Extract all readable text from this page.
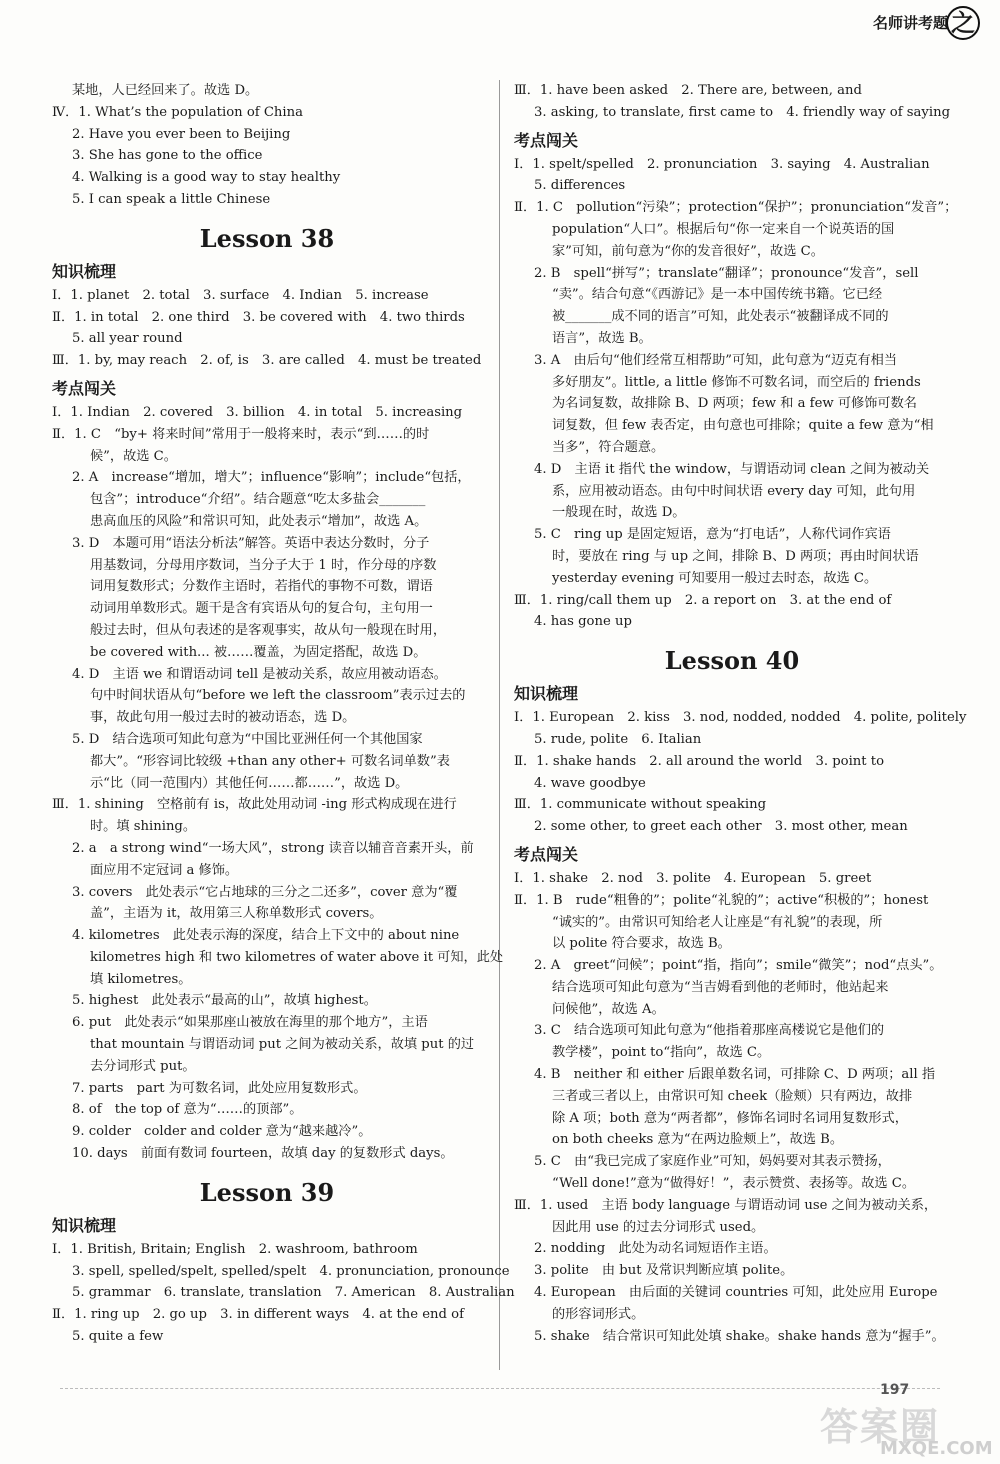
名师讲考题 之
某地，人已经回来了。故选 D。
Ⅳ．1. What’s the population of China
2. Have you ever been to Beijing
3. She has gone to the office
4. Walking is a good way to stay healthy
5. I can speak a little Chinese
Lesson 38
知识梳理
Ⅰ．1. planet　2. total　3. surface　4. Indian　5. increase
Ⅱ．1. in total　2. one third　3. be covered with　4. two thirds
5. all year round
Ⅲ．1. by, may reach　2. of, is　3. are called　4. must be treated
考点闯关
Ⅰ．1. Indian　2. covered　3. billion　4. in total　5. increasing
Ⅱ．1. C　“by+ 将来时间”常用于一般将来时，表示“到……的时
候”，故选 C。
2. A　increase“增加，增大”；influence“影响”；include“包括，
包含”；introduce“介绍”。结合题意“吃太多盐会_______
患高血压的风险”和常识可知，此处表示“增加”，故选 A。
3. D　本题可用“语法分析法”解答。英语中表达分数时，分子
用基数词，分母用序数词，当分子大于 1 时，作分母的序数
词用复数形式；分数作主语时，若指代的事物不可数，谓语
动词用单数形式。题干是含有宾语从句的复合句，主句用一
般过去时，但从句表述的是客观事实，故从句一般现在时用，
be covered with... 被……覆盖，为固定搭配，故选 D。
4. D　主语 we 和谓语动词 tell 是被动关系，故应用被动语态。
句中时间状语从句“before we left the classroom”表示过去的
事，故此句用一般过去时的被动语态，选 D。
5. D　结合选项可知此句意为“中国比亚洲任何一个其他国家
都大”。“形容词比较级 +than any other+ 可数名词单数”表
示“比（同一范围内）其他任何……都……”，故选 D。
Ⅲ．1. shining　空格前有 is，故此处用动词 -ing 形式构成现在进行
时。填 shining。
2. a　a strong wind“一场大风”，strong 读音以辅音音素开头，前
面应用不定冠词 a 修饰。
3. covers　此处表示“它占地球的三分之二还多”，cover 意为“覆
盖”，主语为 it，故用第三人称单数形式 covers。
4. kilometres　此处表示海的深度，结合上下文中的 about nine
kilometres high 和 two kilometres of water above it 可知，此处
填 kilometres。
5. highest　此处表示“最高的山”，故填 highest。
6. put　此处表示“如果那座山被放在海里的那个地方”，主语
that mountain 与谓语动词 put 之间为被动关系，故填 put 的过
去分词形式 put。
7. parts　part 为可数名词，此处应用复数形式。
8. of　the top of 意为“……的顶部”。
9. colder　colder and colder 意为“越来越冷”。
10. days　前面有数词 fourteen，故填 day 的复数形式 days。
Lesson 39
知识梳理
Ⅰ．1. British, Britain; English　2. washroom, bathroom
3. spell, spelled/spelt, spelled/spelt　4. pronunciation, pronounce
5. grammar　6. translate, translation　7. American　8. Australian
Ⅱ．1. ring up　2. go up　3. in different ways　4. at the end of
5. quite a few
Ⅲ．1. have been asked　2. There are, between, and
3. asking, to translate, first came to　4. friendly way of saying
考点闯关
Ⅰ．1. spelt/spelled　2. pronunciation　3. saying　4. Australian
5. differences
Ⅱ．1. C　pollution“污染”；protection“保护”；pronunciation“发音”；
population“人口”。根据后句“你一定来自一个说英语的国
家”可知，前句意为“你的发音很好”，故选 C。
2. B　spell“拼写”；translate“翻译”；pronounce“发音”，sell
“卖”。结合句意“《西游记》是一本中国传统书籍。它已经
被_______成不同的语言”可知，此处表示“被翻译成不同的
语言”，故选 B。
3. A　由后句“他们经常互相帮助”可知，此句意为“迈克有相当
多好朋友”。little, a little 修饰不可数名词，而空后的 friends
为名词复数，故排除 B、D 两项；few 和 a few 可修饰可数名
词复数，但 few 表否定，由句意也可排除；quite a few 意为“相
当多”，符合题意。
4. D　主语 it 指代 the window，与谓语动词 clean 之间为被动关
系，应用被动语态。由句中时间状语 every day 可知，此句用
一般现在时，故选 D。
5. C　ring up 是固定短语，意为“打电话”，人称代词作宾语
时，要放在 ring 与 up 之间，排除 B、D 两项；再由时间状语
yesterday evening 可知要用一般过去时态，故选 C。
Ⅲ．1. ring/call them up　2. a report on　3. at the end of
4. has gone up
Lesson 40
知识梳理
Ⅰ．1. European　2. kiss　3. nod, nodded, nodded　4. polite, politely
5. rude, polite　6. Italian
Ⅱ．1. shake hands　2. all around the world　3. point to
4. wave goodbye
Ⅲ．1. communicate without speaking
2. some other, to greet each other　3. most other, mean
考点闯关
Ⅰ．1. shake　2. nod　3. polite　4. European　5. greet
Ⅱ．1. B　rude“粗鲁的”；polite“礼貌的”；active“积极的”；honest
“诚实的”。由常识可知给老人让座是“有礼貌”的表现，所
以 polite 符合要求，故选 B。
2. A　greet“问候”；point“指，指向”；smile“微笑”；nod“点头”。
结合选项可知此句意为“当吉姆看到他的老师时，他站起来
问候他”，故选 A。
3. C　结合选项可知此句意为“他指着那座高楼说它是他们的
教学楼”，point to“指向”，故选 C。
4. B　neither 和 either 后跟单数名词，可排除 C、D 两项；all 指
三者或三者以上，由常识可知 cheek（脸颊）只有两边，故排
除 A 项；both 意为“两者都”，修饰名词时名词用复数形式，
on both cheeks 意为“在两边脸颊上”，故选 B。
5. C　由“我已完成了家庭作业”可知，妈妈要对其表示赞扬，
“Well done!”意为“做得好！”，表示赞赏、表扬等。故选 C。
Ⅲ．1. used　主语 body language 与谓语动词 use 之间为被动关系，
因此用 use 的过去分词形式 used。
2. nodding　此处为动名词短语作主语。
3. polite　由 but 及常识判断应填 polite。
4. European　由后面的关键词 countries 可知，此处应用 Europe
的形容词形式。
5. shake　结合常识可知此处填 shake。shake hands 意为“握手”。
197
答案圈
MXQE.COM
